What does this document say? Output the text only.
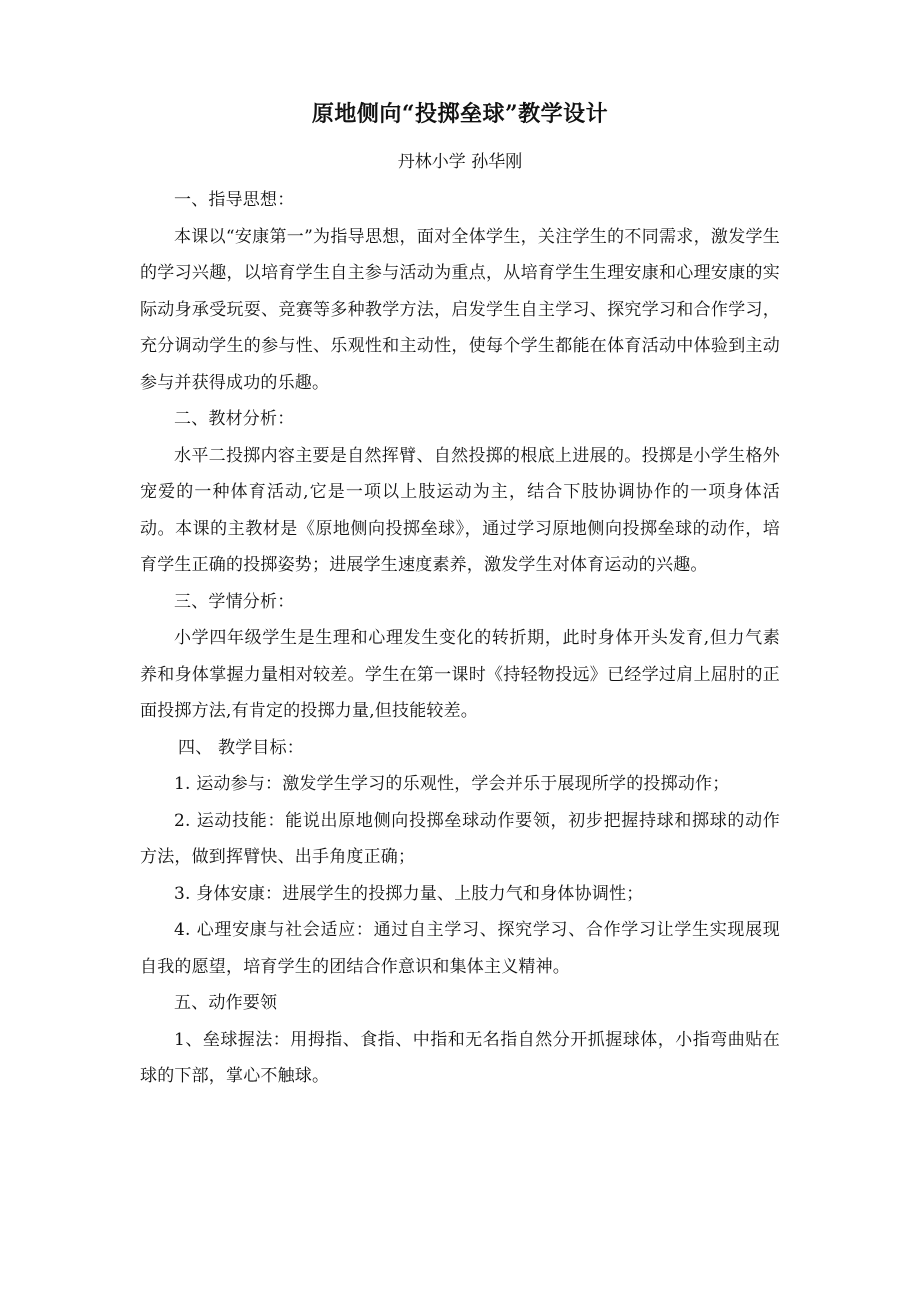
原地侧向“投掷垒球”教学设计
丹林小学 孙华刚

一、指导思想：

本课以“安康第一”为指导思想，面对全体学生，关注学生的不同需求，激发学生的学习兴趣，以培育学生自主参与活动为重点，从培育学生生理安康和心理安康的实际动身承受玩耍、竞赛等多种教学方法，启发学生自主学习、探究学习和合作学习，充分调动学生的参与性、乐观性和主动性，使每个学生都能在体育活动中体验到主动参与并获得成功的乐趣。

二、教材分析：

水平二投掷内容主要是自然挥臂、自然投掷的根底上进展的。投掷是小学生格外宠爱的一种体育活动,它是一项以上肢运动为主，结合下肢协调协作的一项身体活动。本课的主教材是《原地侧向投掷垒球》，通过学习原地侧向投掷垒球的动作，培育学生正确的投掷姿势；进展学生速度素养，激发学生对体育运动的兴趣。

三、学情分析：

小学四年级学生是生理和心理发生变化的转折期，此时身体开头发育,但力气素养和身体掌握力量相对较差。学生在第一课时《持轻物投远》已经学过肩上屈肘的正面投掷方法,有肯定的投掷力量,但技能较差。

四、 教学目标：

1. 运动参与：激发学生学习的乐观性，学会并乐于展现所学的投掷动作；

2. 运动技能：能说出原地侧向投掷垒球动作要领，初步把握持球和掷球的动作方法，做到挥臂快、出手角度正确；

3. 身体安康：进展学生的投掷力量、上肢力气和身体协调性；

4. 心理安康与社会适应：通过自主学习、探究学习、合作学习让学生实现展现自我的愿望，培育学生的团结合作意识和集体主义精神。

五、动作要领

1、垒球握法：用拇指、食指、中指和无名指自然分开抓握球体，小指弯曲贴在球的下部，掌心不触球。
